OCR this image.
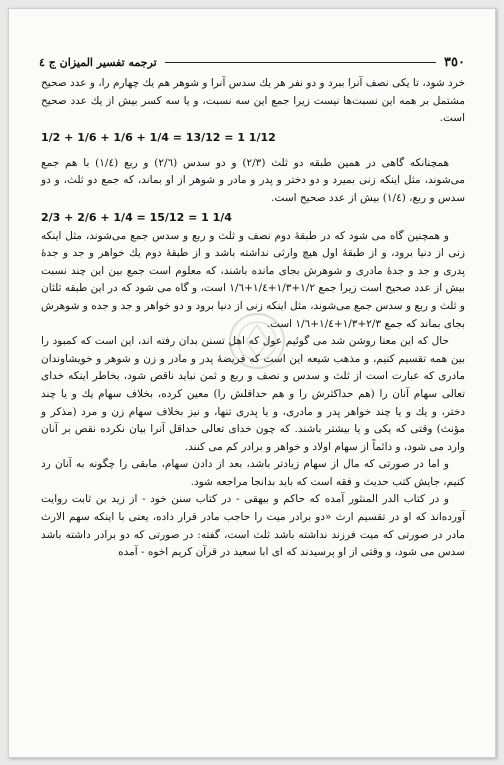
٣٥٠
ترجمه تفسير الميزان ج ٤

خرد شود، تا يكى نصف آنرا ببرد و دو نفر هر يك سدس آنرا و شوهر هم يك چهارم را، و عدد صحيح مشتمل بر همه اين نسبت‌ها نيست زيرا جمع اين سه نسبت، و يا سه كسر بيش از يك عدد صحيح است.

1/2 + 1/6 + 1/6 + 1/4 = 13/12 = 1 1/12

همچنانكه گاهى در همين طبقه دو ثلث (٢/٣) و دو سدس (٢/٦) و ربع (١/٤) با هم جمع مى‌شوند، مثل اينكه زنى بميرد و دو دختر و پدر و مادر و شوهر از او بماند، كه جمع دو ثلث، و دو سدس و ربع، (١/٤) بيش از عدد صحيح است.

2/3 + 2/6 + 1/4 = 15/12 = 1 1/4

و همچنين گاه مى شود كه در طبقهٔ دوم نصف و ثلث و ربع و سدس جمع مى‌شوند، مثل اينكه زنى از دنيا برود، و از طبقهٔ اول هيچ وارثى نداشته باشد و از طبقهٔ دوم يك خواهر و جد و جدهٔ پدرى و جد و جدهٔ مادرى و شوهرش بجاى مانده باشند، كه معلوم است جمع بين اين چند نسبت بيش از عدد صحيح است زيرا جمع ١/٢+١/٣+١/٤+١/٦ است، و گاه مى شود كه در اين طبقه ثلثان و ثلث و ربع و سدس جمع مى‌شوند، مثل اينكه زنى از دنيا برود و دو خواهر و جد و جده و شوهرش بجاى بماند كه جمع ٢/٣+١/٣+١/٤+١/٦ است.

حال كه اين معنا روشن شد مى گوئيم عول كه اهل تسنن بدان رفته اند، اين است كه كمبود را بين همه تقسيم كنيم، و مذهب شيعه اين است كه فريضهٔ پدر و مادر و زن و شوهر و خويشاوندان مادرى كه عبارت است از ثلث و سدس و نصف و ربع و ثمن نبايد ناقص شود، بخاطر اينكه خداى تعالى سهام آنان را (هم حداكثرش را و هم حداقلش را) معين كرده، بخلاف سهام يك و يا چند دختر، و يك و يا چند خواهر پدر و مادرى، و يا پدرى تنها، و نيز بخلاف سهام زن و مرد (مذكر و مؤنث) وقتى كه يكى و يا بيشتر باشند. كه چون خداى تعالى حداقل آنرا بيان نكرده نقص بر آنان وارد مى شود، و دائماً از سهام اولاد و خواهر و برادر كم مى كنند.

و اما در صورتى كه مال از سهام زيادتر باشد، بعد از دادن سهام، مابقى را چگونه به آنان رد كنيم، جايش كتب حديث و فقه است كه بايد بدانجا مراجعه شود.

و در كتاب الدر المنثور آمده كه حاكم و بيهقى - در كتاب سنن خود - از زيد بن ثابت روايت آورده‌اند كه او در تقسيم ارث «دو برادر ميت را حاجب مادر قرار داده، يعنى با اينكه سهم الارث مادر در صورتى كه ميت فرزند نداشته باشد ثلث است، گفته: در صورتى كه دو برادر داشته باشد سدس مى شود، و وقتى از او پرسيدند كه اى ابا سعيد در قرآن كريم اخوه - آمده
